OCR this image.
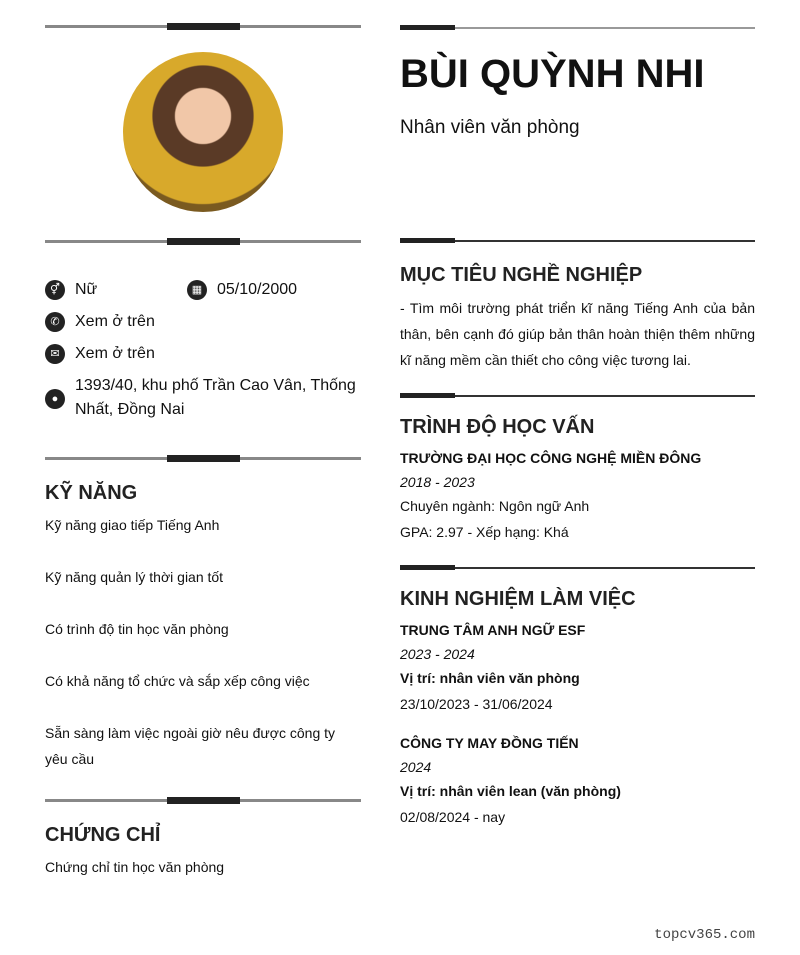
⚥ Nữ	▦ 05/10/2000
✆ Xem ở trên
✉ Xem ở trên
●
1393/40, khu phố Trần Cao Vân, Thống Nhất, Đồng Nai
KỸ NĂNG
Kỹ năng giao tiếp Tiếng Anh
Kỹ năng quản lý thời gian tốt
Có trình độ tin học văn phòng
Có khả năng tổ chức và sắp xếp công việc
Sẵn sàng làm việc ngoài giờ nêu được công ty yêu cầu
CHỨNG CHỈ
Chứng chỉ tin học văn phòng
BÙI QUỲNH NHI
Nhân viên văn phòng
MỤC TIÊU NGHỀ NGHIỆP
- Tìm môi trường phát triển kĩ năng Tiếng Anh của bản thân, bên cạnh đó giúp bản thân hoàn thiện thêm những kĩ năng mềm cần thiết cho công việc tương lai.
TRÌNH ĐỘ HỌC VẤN
TRƯỜNG ĐẠI HỌC CÔNG NGHỆ MIỀN ĐÔNG
2018 - 2023
Chuyên ngành: Ngôn ngữ Anh
GPA: 2.97 - Xếp hạng: Khá
KINH NGHIỆM LÀM VIỆC
TRUNG TÂM ANH NGỮ ESF
2023 - 2024
Vị trí: nhân viên văn phòng
23/10/2023 - 31/06/2024
CÔNG TY MAY ĐỒNG TIẾN
2024
Vị trí: nhân viên lean (văn phòng)
02/08/2024 - nay
topcv365.com
